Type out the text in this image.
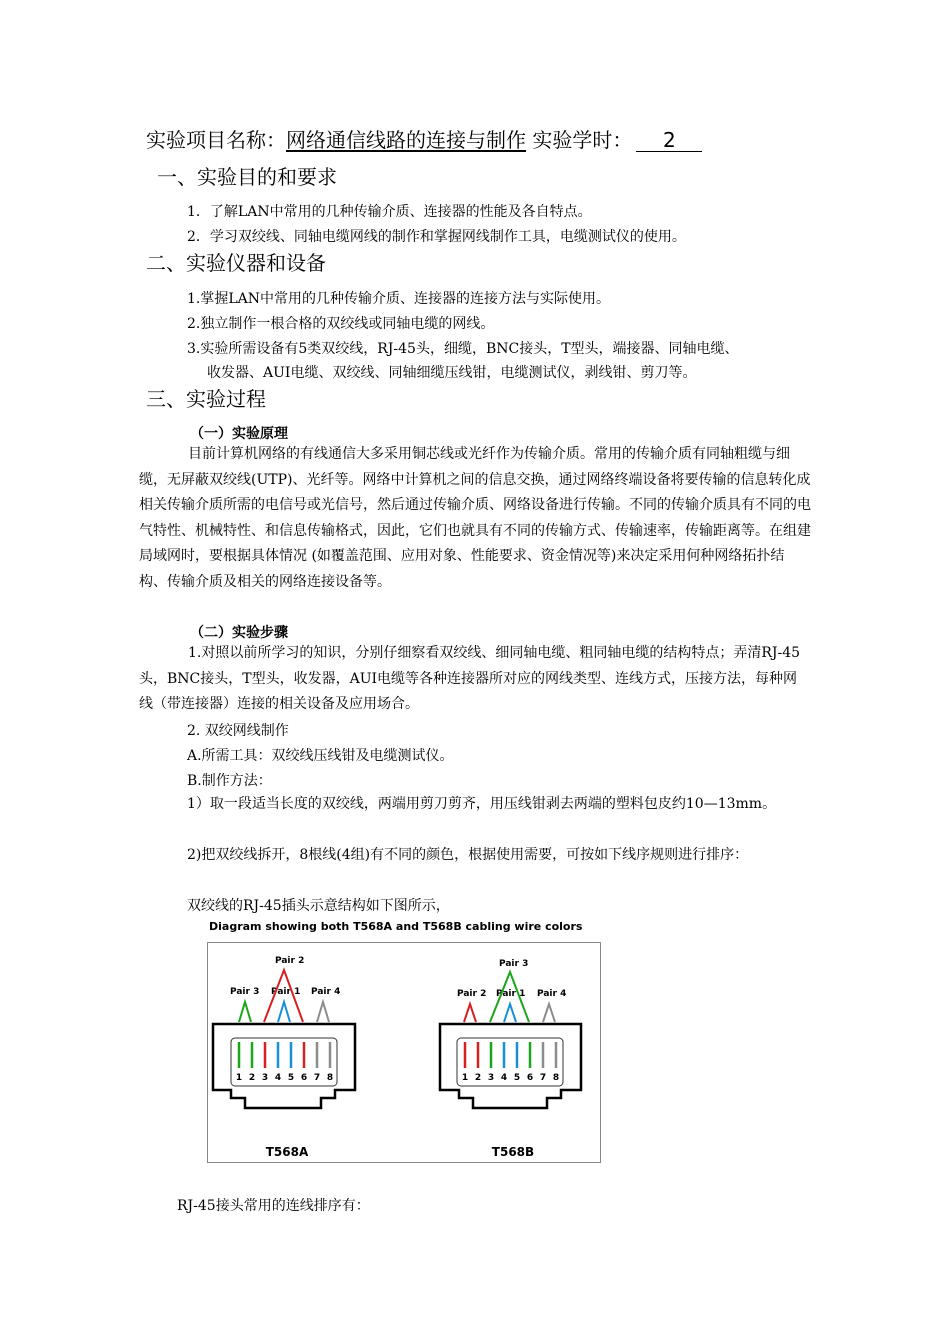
实验项目名称：网络通信线路的连接与制作 实验学时： 2
一、实验目的和要求
1．了解LAN中常用的几种传输介质、连接器的性能及各自特点。
2．学习双绞线、同轴电缆网线的制作和掌握网线制作工具，电缆测试仪的使用。
二、实验仪器和设备
1.掌握LAN中常用的几种传输介质、连接器的连接方法与实际使用。
2.独立制作一根合格的双绞线或同轴电缆的网线。
3.实验所需设备有5类双绞线，RJ-45头，细缆，BNC接头，T型头，端接器、同轴电缆、
收发器、AUI电缆、双绞线、同轴细缆压线钳，电缆测试仪，剥线钳、剪刀等。
三、实验过程
（一）实验原理
目前计算机网络的有线通信大多采用铜芯线或光纤作为传输介质。常用的传输介质有同轴粗缆与细缆，无屏蔽双绞线(UTP)、光纤等。网络中计算机之间的信息交换，通过网络终端设备将要传输的信息转化成相关传输介质所需的电信号或光信号，然后通过传输介质、网络设备进行传输。不同的传输介质具有不同的电气特性、机械特性、和信息传输格式，因此，它们也就具有不同的传输方式、传输速率，传输距离等。在组建局域网时，要根据具体情况 (如覆盖范围、应用对象、性能要求、资金情况等)来决定采用何种网络拓扑结构、传输介质及相关的网络连接设备等。
（二）实验步骤
1.对照以前所学习的知识，分别仔细察看双绞线、细同轴电缆、粗同轴电缆的结构特点；弄清RJ-45头，BNC接头，T型头，收发器，AUI电缆等各种连接器所对应的网线类型、连线方式，压接方法，每种网线（带连接器）连接的相关设备及应用场合。
2. 双绞网线制作
A.所需工具：双绞线压线钳及电缆测试仪。
B.制作方法：
1）取一段适当长度的双绞线，两端用剪刀剪齐，用压线钳剥去两端的塑料包皮约10—13mm。
2)把双绞线拆开，8根线(4组)有不同的颜色，根据使用需要，可按如下线序规则进行排序：
双绞线的RJ-45插头示意结构如下图所示，
Diagram showing both T568A and T568B cabling wire colors
Pair 2
Pair 3 Pair 1 Pair 4
1 2 3 4 5 6 7 8
T568A
Pair 3
Pair 2 Pair 1 Pair 4
1 2 3 4 5 6 7 8
T568B
RJ-45接头常用的连线排序有：
